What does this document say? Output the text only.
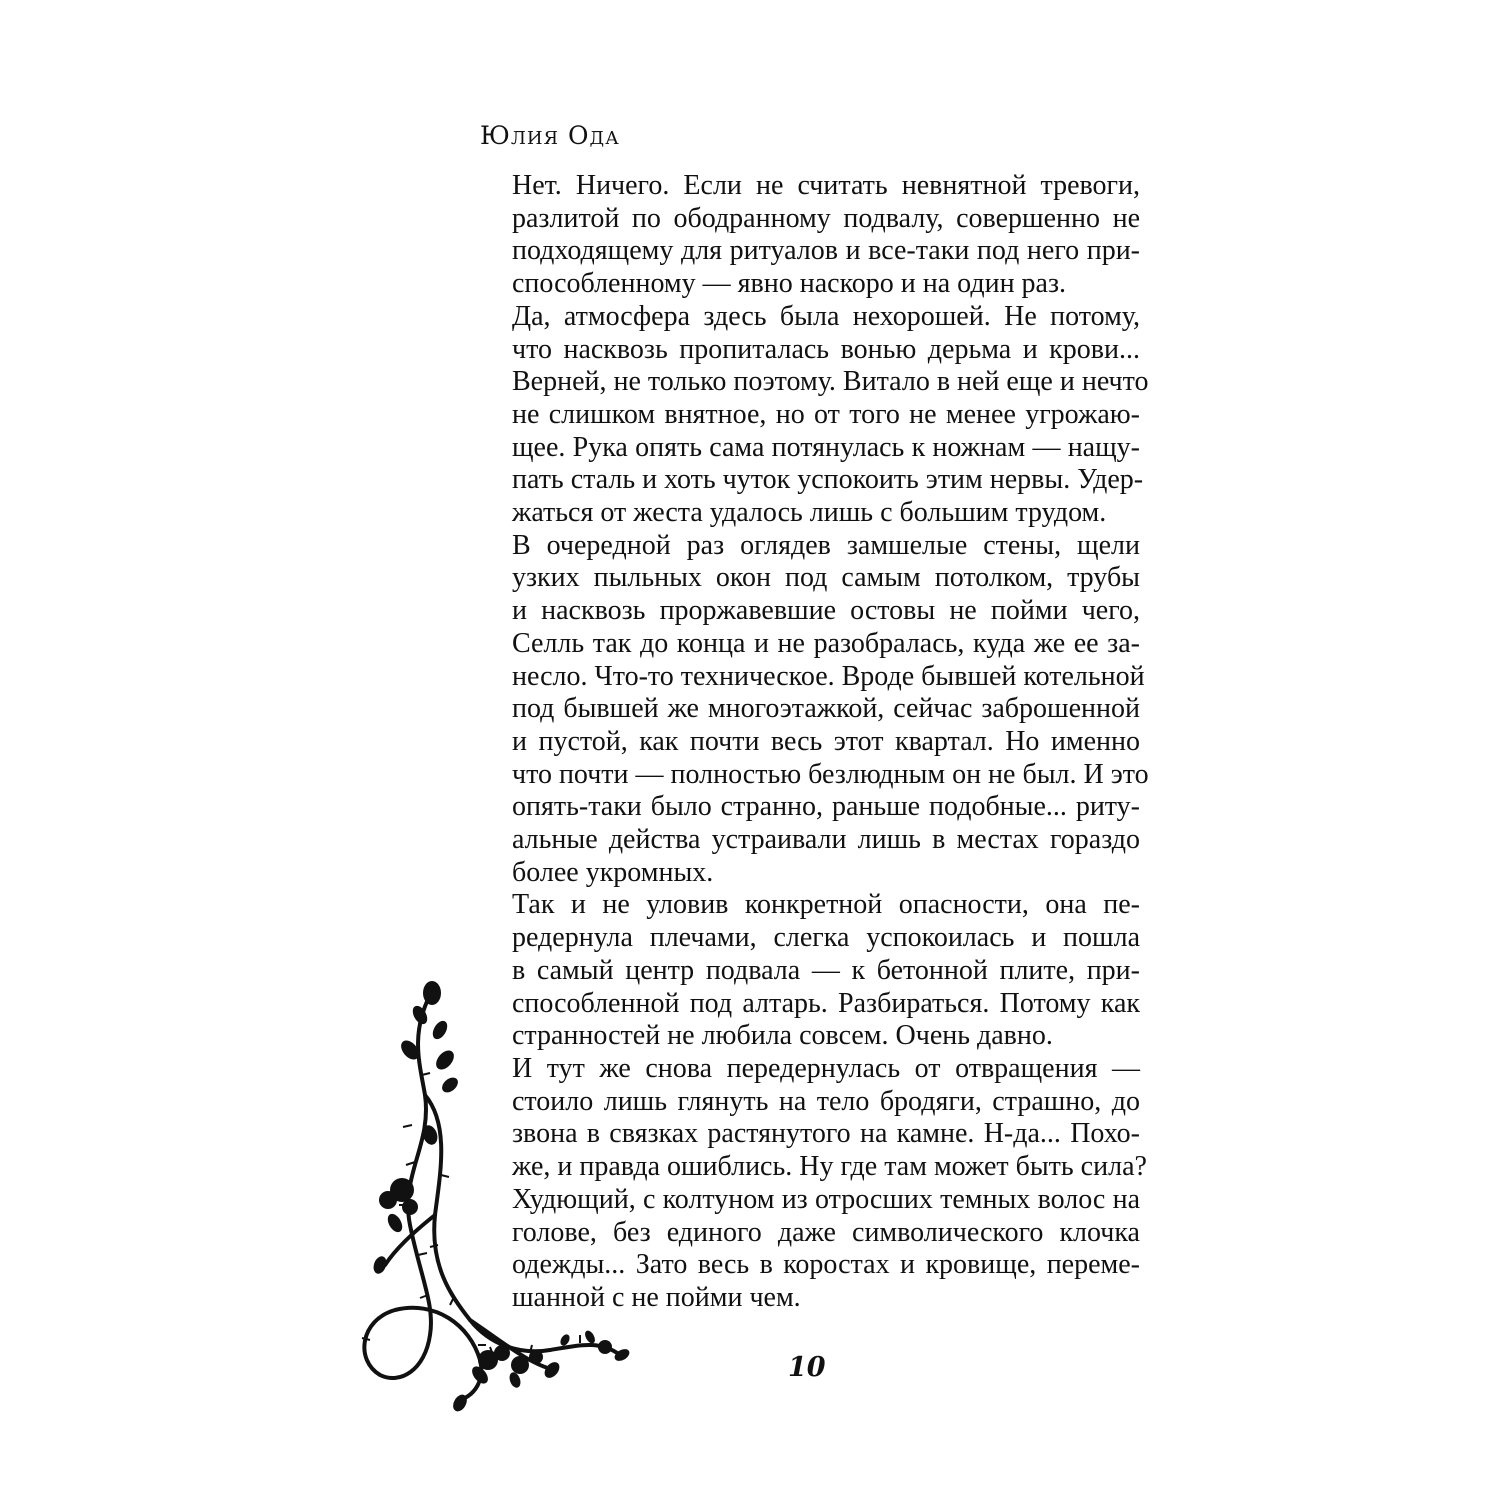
Юлия Ода

Нет. Ничего. Если не считать невнятной тревоги,
разлитой по ободранному подвалу, совершенно не
подходящему для ритуалов и все-таки под него при-
способленному — явно наскоро и на один раз.

Да, атмосфера здесь была нехорошей. Не потому,
что насквозь пропиталась вонью дерьма и крови...
Верней, не только поэтому. Витало в ней еще и нечто
не слишком внятное, но от того не менее угрожаю-
щее. Рука опять сама потянулась к ножнам — нащу-
пать сталь и хоть чуток успокоить этим нервы. Удер-
жаться от жеста удалось лишь с большим трудом.

В очередной раз оглядев замшелые стены, щели
узких пыльных окон под самым потолком, трубы
и насквозь проржавевшие остовы не пойми чего,
Селль так до конца и не разобралась, куда же ее за-
несло. Что-то техническое. Вроде бывшей котельной
под бывшей же многоэтажкой, сейчас заброшенной
и пустой, как почти весь этот квартал. Но именно
что почти — полностью безлюдным он не был. И это
опять-таки было странно, раньше подобные... риту-
альные действа устраивали лишь в местах гораздо
более укромных.

Так и не уловив конкретной опасности, она пе-
редернула плечами, слегка успокоилась и пошла
в самый центр подвала — к бетонной плите, при-
способленной под алтарь. Разбираться. Потому как
странностей не любила совсем. Очень давно.

И тут же снова передернулась от отвращения —
стоило лишь глянуть на тело бродяги, страшно, до
звона в связках растянутого на камне. Н-да... Похо-
же, и правда ошиблись. Ну где там может быть сила?
Худющий, с колтуном из отросших темных волос на
голове, без единого даже символического клочка
одежды... Зато весь в коростах и кровище, переме-
шанной с не пойми чем.

10
